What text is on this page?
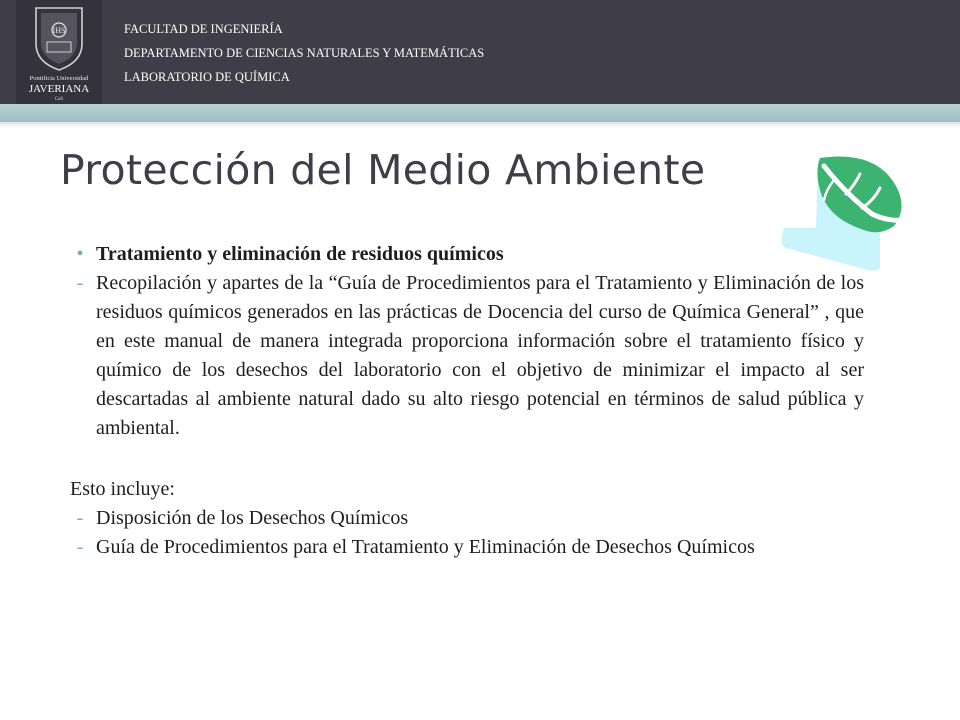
IHS
Pontificia Universidad
JAVERIANA
Cali
FACULTAD DE INGENIERÍA
DEPARTAMENTO DE CIENCIAS NATURALES Y MATEMÁTICAS
LABORATORIO DE QUÍMICA
Protección del Medio Ambiente
• Tratamiento y eliminación de residuos químicos
- Recopilación y apartes de la “Guía de Procedimientos para el Tratamiento y Eliminación de los residuos químicos generados en las prácticas de Docencia del curso de Química General” , que en este manual de manera integrada proporciona información sobre el tratamiento físico y químico de los desechos del laboratorio con el objetivo de minimizar el impacto al ser descartadas al ambiente natural dado su alto riesgo potencial en términos de salud pública y ambiental.
Esto incluye:
- Disposición de los Desechos Químicos
- Guía de Procedimientos para el Tratamiento y Eliminación de Desechos Químicos
